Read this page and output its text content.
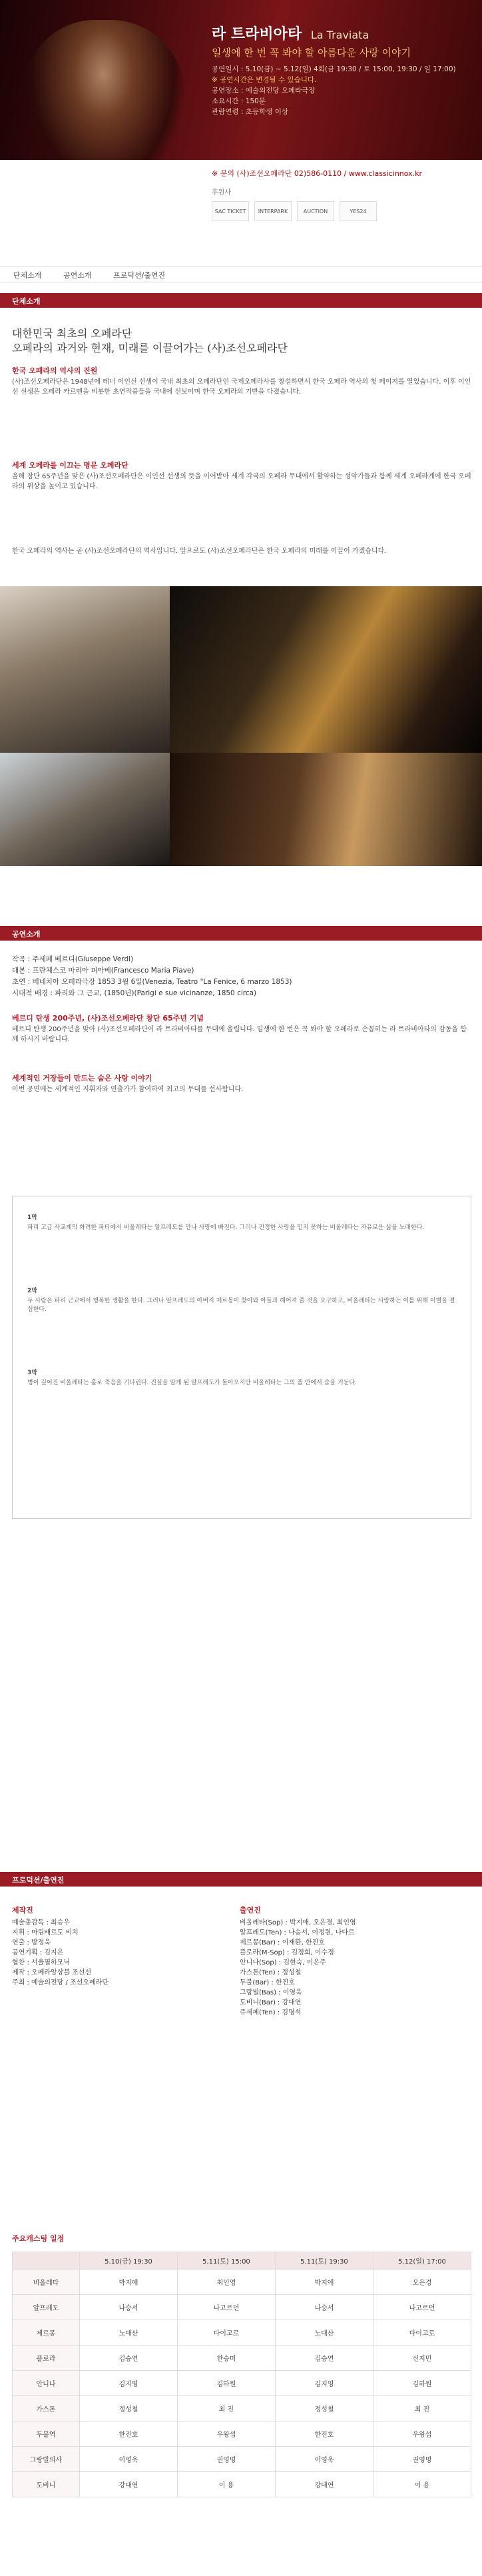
라 트라비아타 La Traviata
일생에 한 번 꼭 봐야 할 아름다운 사랑 이야기
공연일시 : 5.10(금) ~ 5.12(일) 4회(금 19:30 / 토 15:00, 19:30 / 일 17:00)
※ 공연시간은 변경될 수 있습니다.
공연장소 : 예술의전당 오페라극장
소요시간 : 150분
관람연령 : 초등학생 이상
※ 문의 (사)조선오페라단 02)586-0110 / www.classicinnox.kr
후원사
SAC TICKET	INTERPARK	AUCTION	YES24
단체소개	공연소개	프로덕션/출연진
단체소개
대한민국 최초의 오페라단
오페라의 과거와 현재, 미래를 이끌어가는 (사)조선오페라단
한국 오페라의 역사의 진원
(사)조선오페라단은 1948년에 테너 이인선 선생이 국내 최초의 오페라단인 국제오페라사를 창설하면서 한국 오페라 역사의 첫 페이지를 열었습니다. 이후 이인선 선생은 오페라 카르멘을 비롯한 초연작품들을 국내에 선보이며 한국 오페라의 기반을 다졌습니다.
세계 오페라를 이끄는 명문 오페라단
올해 창단 65주년을 맞은 (사)조선오페라단은 이인선 선생의 뜻을 이어받아 세계 각국의 오페라 무대에서 활약하는 성악가들과 함께 세계 오페라계에 한국 오페라의 위상을 높이고 있습니다.
한국 오페라의 역사는 곧 (사)조선오페라단의 역사입니다. 앞으로도 (사)조선오페라단은 한국 오페라의 미래를 이끌어 가겠습니다.
공연소개
작곡 : 주세페 베르디(Giuseppe Verdi)
대본 : 프란체스코 마리아 피아베(Francesco Maria Piave)
초연 : 베네치아 오페라극장 1853 3월 6일(Venezia, Teatro "La Fenice, 6 marzo 1853)
시대적 배경 : 파리와 그 근교, (1850년)(Parigi e sue vicinanze, 1850 circa)
베르디 탄생 200주년, (사)조선오페라단 창단 65주년 기념
베르디 탄생 200주년을 맞아 (사)조선오페라단이 라 트라비아타를 무대에 올립니다. 일생에 한 번은 꼭 봐야 할 오페라로 손꼽히는 라 트라비아타의 감동을 함께 하시기 바랍니다.
세계적인 거장들이 만드는 숨은 사랑 이야기
이번 공연에는 세계적인 지휘자와 연출가가 참여하여 최고의 무대를 선사합니다.
1막

파리 고급 사교계의 화려한 파티에서 비올레타는 알프레도를 만나 사랑에 빠진다. 그러나 진정한 사랑을 믿지 못하는 비올레타는 자유로운 삶을 노래한다.

2막

두 사람은 파리 근교에서 행복한 생활을 한다. 그러나 알프레도의 아버지 제르몽이 찾아와 아들과 헤어져 줄 것을 요구하고, 비올레타는 사랑하는 이를 위해 이별을 결심한다.

3막

병이 깊어진 비올레타는 홀로 죽음을 기다린다. 진실을 알게 된 알프레도가 돌아오지만 비올레타는 그의 품 안에서 숨을 거둔다.

프로덕션/출연진
제작진
예술총감독 : 최승우
지휘 : 마림배르도 비치
연출 : 방정욱
공연기획 : 김지은
협찬 : 서울필하모닉
제작 : 오페라앙상블 조선선
주최 : 예술의전당 / 조선오페라단
출연진
비올레타(Sop) : 박지애, 오은경, 최인영
알프레도(Ten) : 나승서, 이정원, 나다르
제르몽(Bar) : 이재환, 한진호
플로라(M-Sop) : 김정희, 이수정
안니나(Sop) : 김현숙, 이은주
가스톤(Ten) : 정성철
두불(Bar) : 한진호
그랑빌(Bas) : 이영욱
도비니(Bar) : 강대연
쥬세페(Ten) : 김명석
주요캐스팅 일정
	5.10(금) 19:30	5.11(토) 15:00	5.11(토) 19:30	5.12(일) 17:00
비올레타	박지애	최인영	박지애	오은경
알프레도	나승서	나고르던	나승서	나고르던
제르몽	노대산	다이고로	노대산	다이고로
플로라	김승연	한승미	김승연	신지민
안니나	김지영	김하원	김지영	김하원
가스톤	정성철	최 진	정성철	최 진
두불역	한진호	우왕섭	한진호	우왕섭
그랑빌의사	이영욱	권영명	이영욱	권영명
도비니	강대연	이 용	강대연	이 용
